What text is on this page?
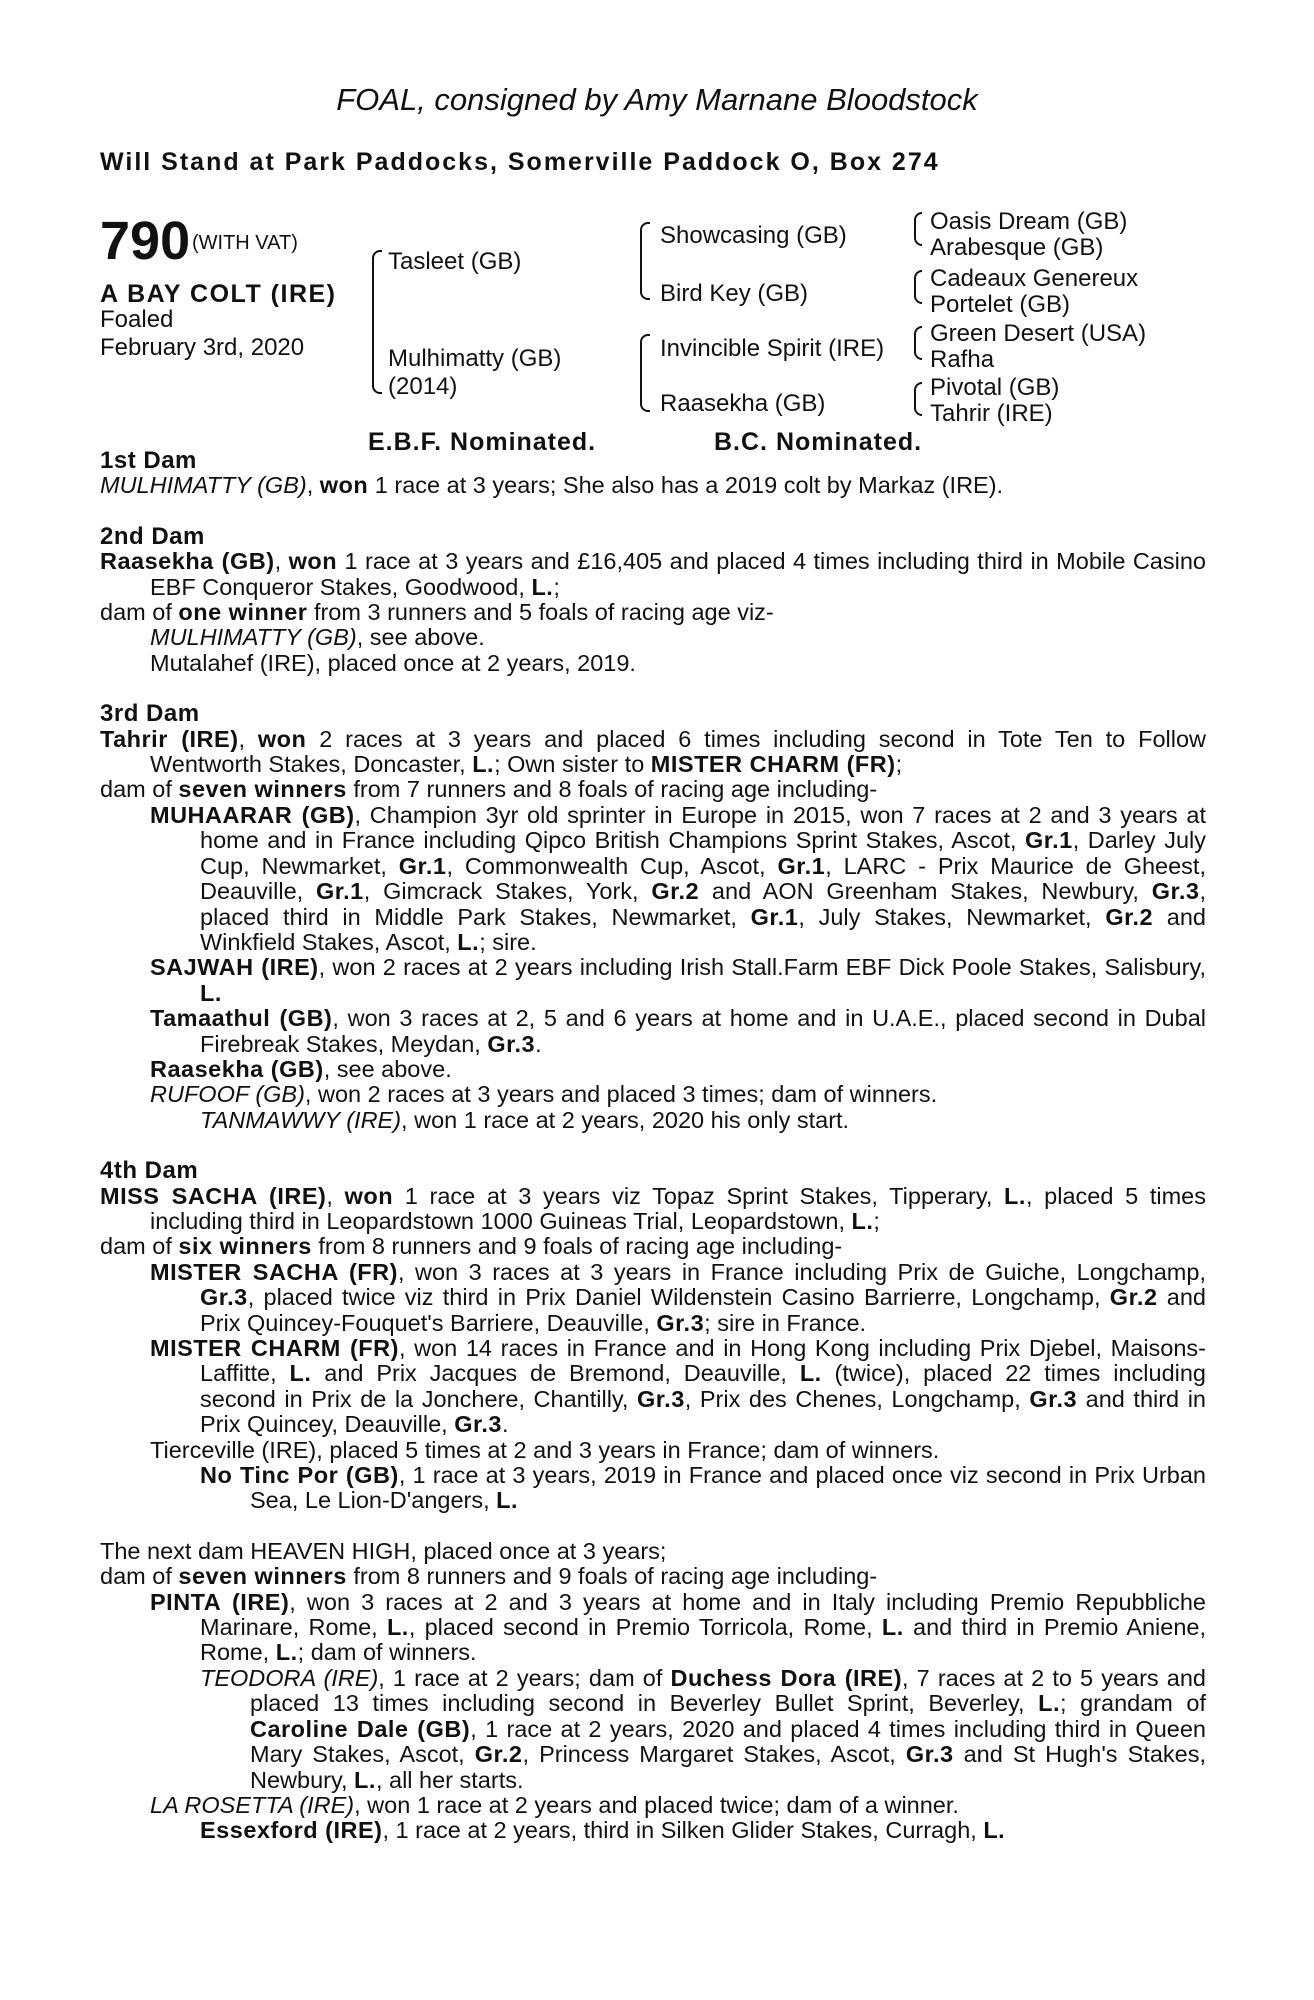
FOAL, consigned by Amy Marnane Bloodstock
Will Stand at Park Paddocks, Somerville Paddock O, Box 274
790 (WITH VAT)
A BAY COLT (IRE)
Foaled
February 3rd, 2020
Tasleet (GB)
Mulhimatty (GB)
(2014)
Showcasing (GB)
Bird Key (GB)
Invincible Spirit (IRE)
Raasekha (GB)
Oasis Dream (GB)
Arabesque (GB)
Cadeaux Genereux
Portelet (GB)
Green Desert (USA)
Rafha
Pivotal (GB)
Tahrir (IRE)
E.B.F. Nominated.	B.C. Nominated.

1st Dam

MULHIMATTY (GB), won 1 race at 3 years; She also has a 2019 colt by Markaz (IRE).

2nd Dam

Raasekha (GB), won 1 race at 3 years and £16,405 and placed 4 times including third in Mobile Casino EBF Conqueror Stakes, Goodwood, L.;

dam of one winner from 3 runners and 5 foals of racing age viz-

MULHIMATTY (GB), see above.

Mutalahef (IRE), placed once at 2 years, 2019.

3rd Dam

Tahrir (IRE), won 2 races at 3 years and placed 6 times including second in Tote Ten to Follow Wentworth Stakes, Doncaster, L.; Own sister to MISTER CHARM (FR);

dam of seven winners from 7 runners and 8 foals of racing age including-

MUHAARAR (GB), Champion 3yr old sprinter in Europe in 2015, won 7 races at 2 and 3 years at home and in France including Qipco British Champions Sprint Stakes, Ascot, Gr.1, Darley July Cup, Newmarket, Gr.1, Commonwealth Cup, Ascot, Gr.1, LARC - Prix Maurice de Gheest, Deauville, Gr.1, Gimcrack Stakes, York, Gr.2 and AON Greenham Stakes, Newbury, Gr.3, placed third in Middle Park Stakes, Newmarket, Gr.1, July Stakes, Newmarket, Gr.2 and Winkfield Stakes, Ascot, L.; sire.

SAJWAH (IRE), won 2 races at 2 years including Irish Stall.Farm EBF Dick Poole Stakes, Salisbury, L.

Tamaathul (GB), won 3 races at 2, 5 and 6 years at home and in U.A.E., placed second in Dubal Firebreak Stakes, Meydan, Gr.3.

Raasekha (GB), see above.

RUFOOF (GB), won 2 races at 3 years and placed 3 times; dam of winners.

TANMAWWY (IRE), won 1 race at 2 years, 2020 his only start.

4th Dam

MISS SACHA (IRE), won 1 race at 3 years viz Topaz Sprint Stakes, Tipperary, L., placed 5 times including third in Leopardstown 1000 Guineas Trial, Leopardstown, L.;

dam of six winners from 8 runners and 9 foals of racing age including-

MISTER SACHA (FR), won 3 races at 3 years in France including Prix de Guiche, Longchamp, Gr.3, placed twice viz third in Prix Daniel Wildenstein Casino Barrierre, Longchamp, Gr.2 and Prix Quincey-Fouquet's Barriere, Deauville, Gr.3; sire in France.

MISTER CHARM (FR), won 14 races in France and in Hong Kong including Prix Djebel, Maisons-Laffitte, L. and Prix Jacques de Bremond, Deauville, L. (twice), placed 22 times including second in Prix de la Jonchere, Chantilly, Gr.3, Prix des Chenes, Longchamp, Gr.3 and third in Prix Quincey, Deauville, Gr.3.

Tierceville (IRE), placed 5 times at 2 and 3 years in France; dam of winners.

No Tinc Por (GB), 1 race at 3 years, 2019 in France and placed once viz second in Prix Urban Sea, Le Lion-D'angers, L.

The next dam HEAVEN HIGH, placed once at 3 years;

dam of seven winners from 8 runners and 9 foals of racing age including-

PINTA (IRE), won 3 races at 2 and 3 years at home and in Italy including Premio Repubbliche Marinare, Rome, L., placed second in Premio Torricola, Rome, L. and third in Premio Aniene, Rome, L.; dam of winners.

TEODORA (IRE), 1 race at 2 years; dam of Duchess Dora (IRE), 7 races at 2 to 5 years and placed 13 times including second in Beverley Bullet Sprint, Beverley, L.; grandam of Caroline Dale (GB), 1 race at 2 years, 2020 and placed 4 times including third in Queen Mary Stakes, Ascot, Gr.2, Princess Margaret Stakes, Ascot, Gr.3 and St Hugh's Stakes, Newbury, L., all her starts.

LA ROSETTA (IRE), won 1 race at 2 years and placed twice; dam of a winner.

Essexford (IRE), 1 race at 2 years, third in Silken Glider Stakes, Curragh, L.
